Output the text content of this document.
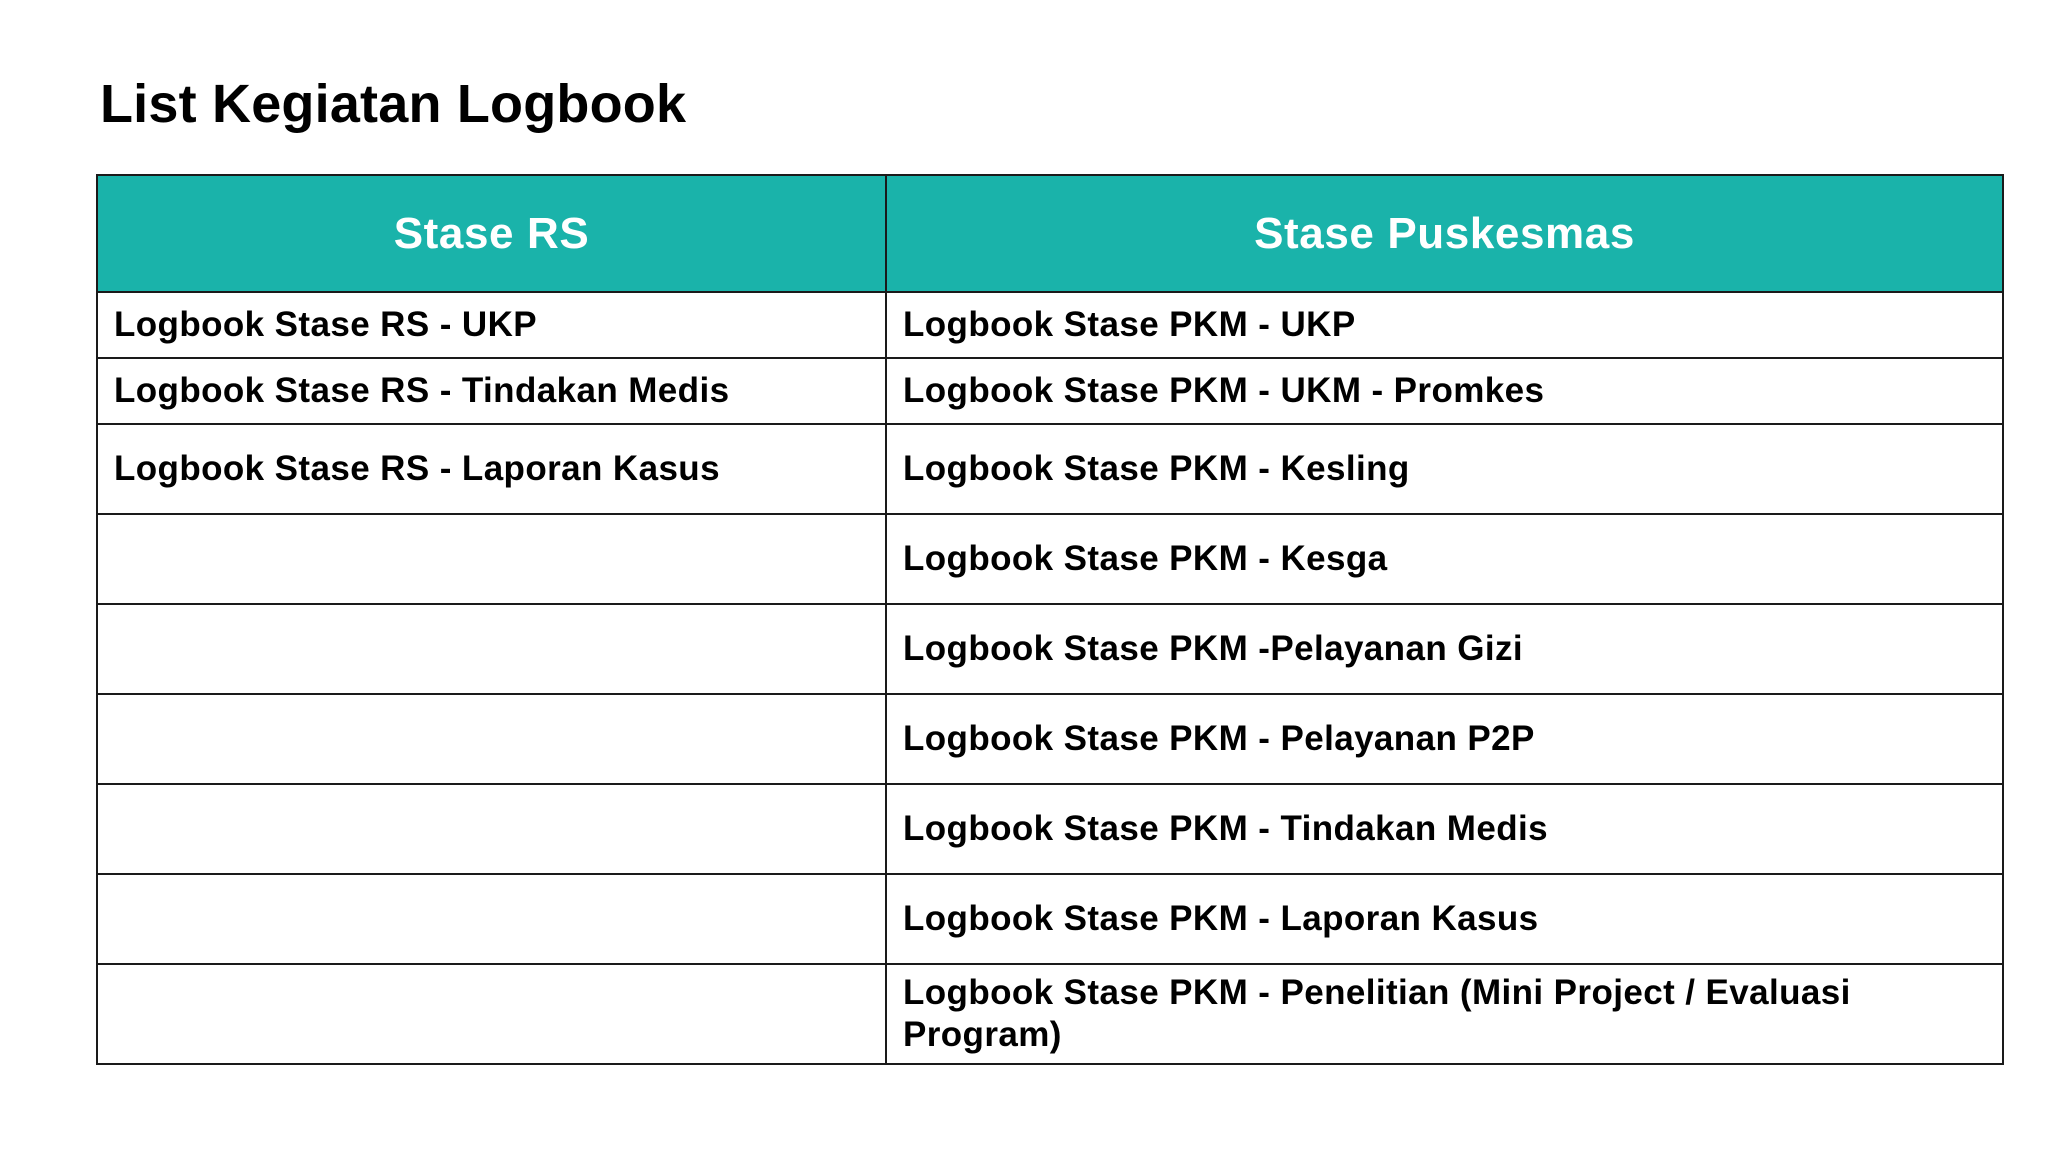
List Kegiatan Logbook
Stase RS	Stase Puskesmas
Logbook Stase RS - UKP	Logbook Stase PKM - UKP
Logbook Stase RS - Tindakan Medis	Logbook Stase PKM - UKM - Promkes
Logbook Stase RS - Laporan Kasus	Logbook Stase PKM - Kesling
	Logbook Stase PKM - Kesga
	Logbook Stase PKM -Pelayanan Gizi
	Logbook Stase PKM - Pelayanan P2P
	Logbook Stase PKM - Tindakan Medis
	Logbook Stase PKM - Laporan Kasus
	Logbook Stase PKM - Penelitian (Mini Project / Evaluasi Program)
